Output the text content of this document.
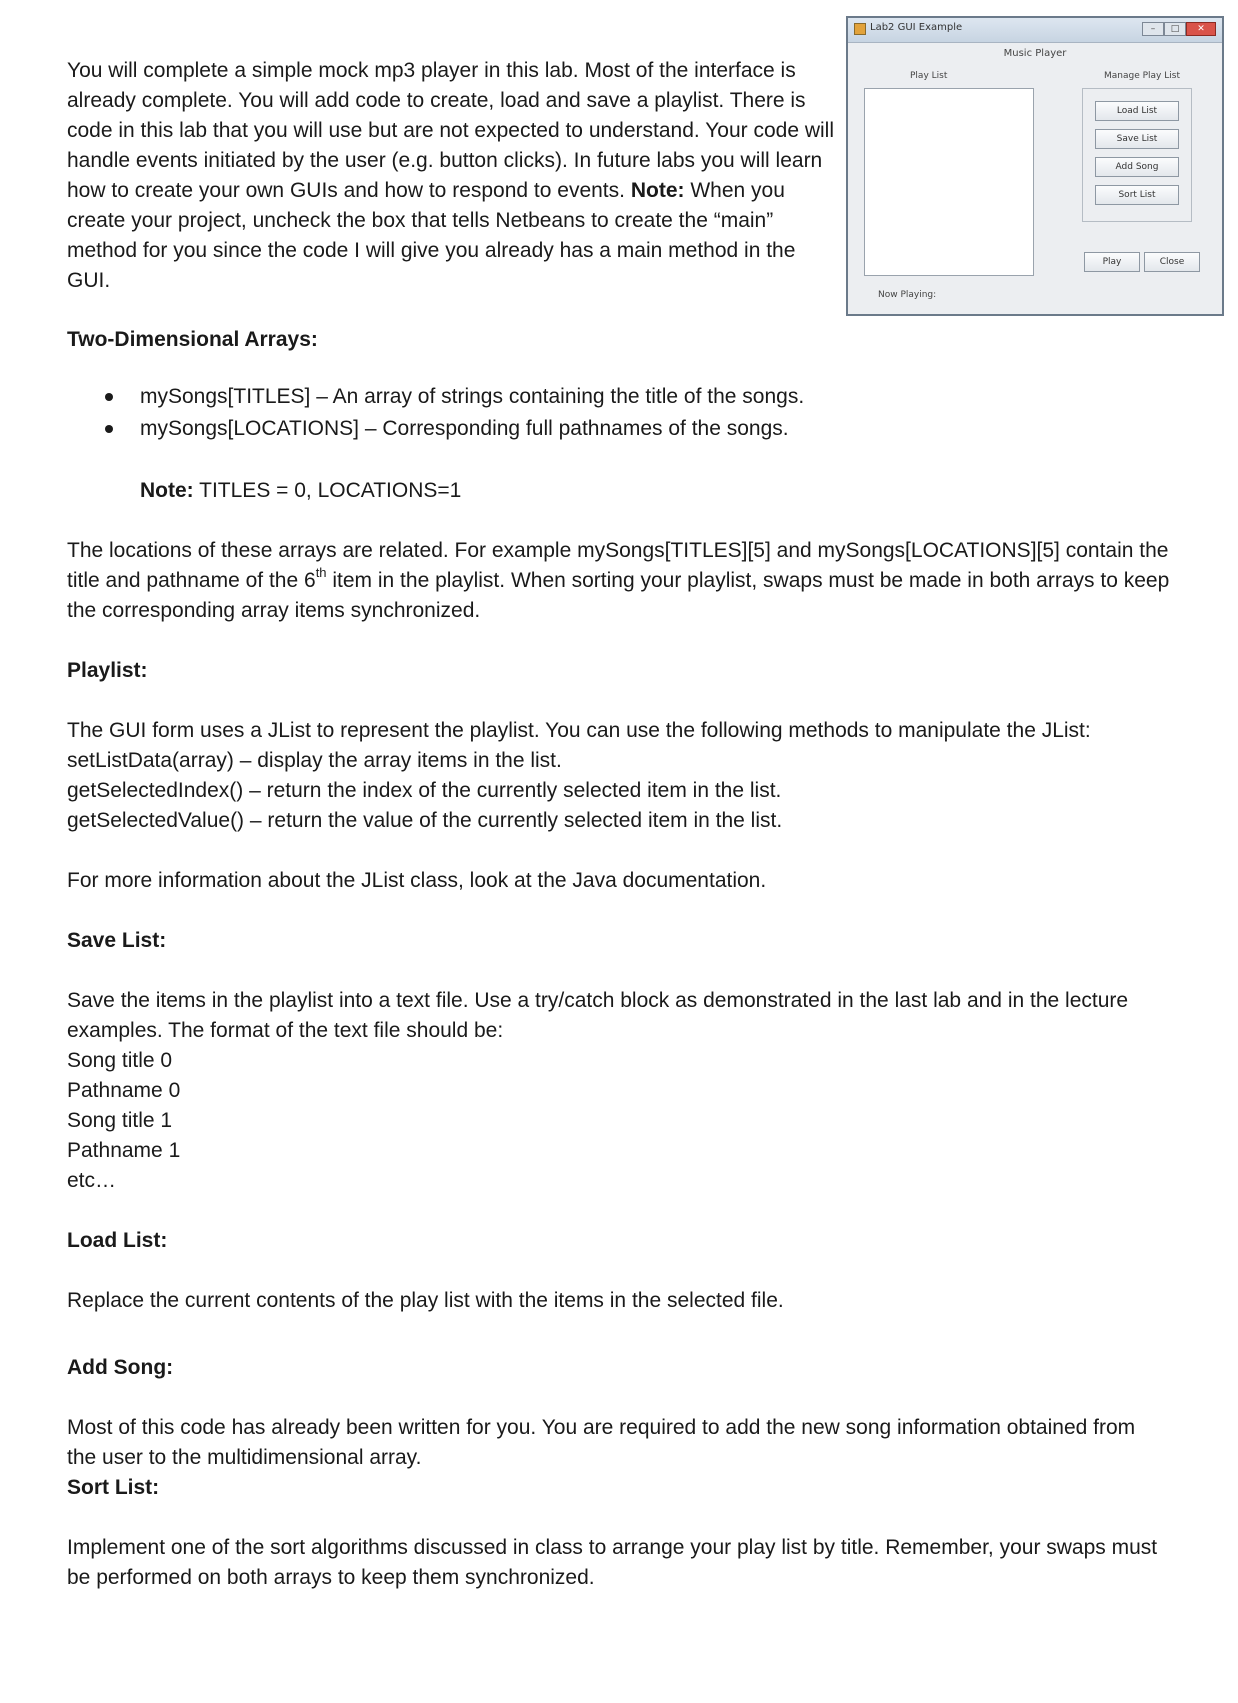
You will complete a simple mock mp3 player in this lab. Most of the interface is already complete. You will add code to create, load and save a playlist. There is code in this lab that you will use but are not expected to understand. Your code will handle events initiated by the user (e.g. button clicks). In future labs you will learn how to create your own GUIs and how to respond to events. Note: When you create your project, uncheck the box that tells Netbeans to create the “main” method for you since the code I will give you already has a main method in the GUI.

Lab2 GUI Example	–	□	✕
Music Player
Play List	Manage Play List
Load List
Save List
Add Song
Sort List
Play	Close
Now Playing:

Two-Dimensional Arrays:

mySongs[TITLES] – An array of strings containing the title of the songs.
mySongs[LOCATIONS] – Corresponding full pathnames of the songs.

Note: TITLES = 0, LOCATIONS=1

The locations of these arrays are related. For example mySongs[TITLES][5] and mySongs[LOCATIONS][5] contain the title and pathname of the 6th item in the playlist. When sorting your playlist, swaps must be made in both arrays to keep the corresponding array items synchronized.

Playlist:

The GUI form uses a JList to represent the playlist. You can use the following methods to manipulate the JList:

setListData(array) – display the array items in the list.

getSelectedIndex() – return the index of the currently selected item in the list.

getSelectedValue() – return the value of the currently selected item in the list.

For more information about the JList class, look at the Java documentation.

Save List:

Save the items in the playlist into a text file. Use a try/catch block as demonstrated in the last lab and in the lecture examples. The format of the text file should be:

Song title 0

Pathname 0

Song title 1

Pathname 1

etc…

Load List:

Replace the current contents of the play list with the items in the selected file.

Add Song:

Most of this code has already been written for you. You are required to add the new song information obtained from the user to the multidimensional array.

Sort List:

Implement one of the sort algorithms discussed in class to arrange your play list by title. Remember, your swaps must be performed on both arrays to keep them synchronized.
